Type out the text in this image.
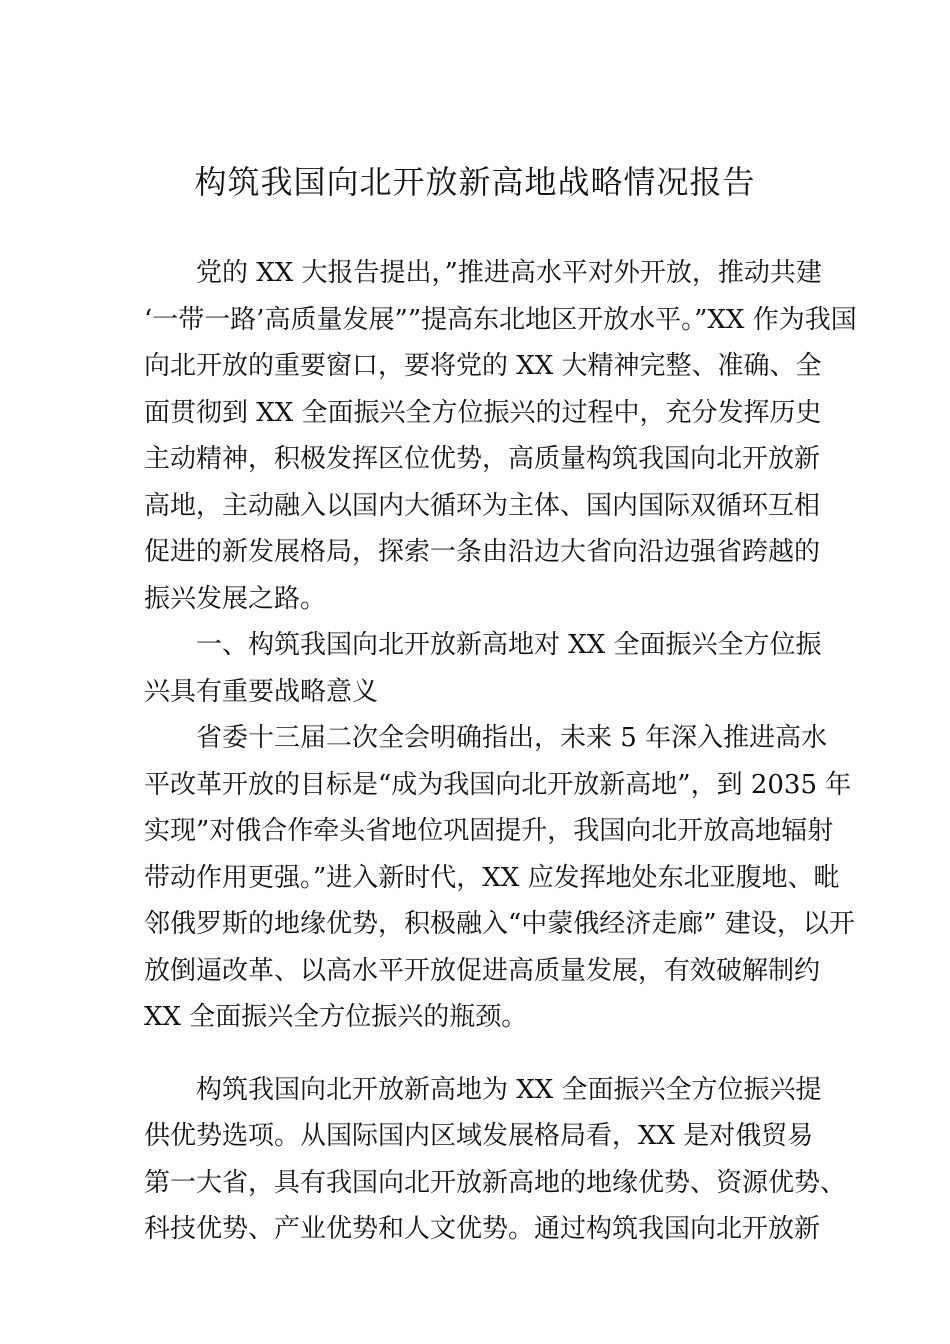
构筑我国向北开放新高地战略情况报告
党的 XX 大报告提出，”推进高水平对外开放，推动共建
‘一带一路’高质量发展””提高东北地区开放水平。”XX 作为我国
向北开放的重要窗口，要将党的 XX 大精神完整、准确、全
面贯彻到 XX 全面振兴全方位振兴的过程中，充分发挥历史
主动精神，积极发挥区位优势，高质量构筑我国向北开放新
高地，主动融入以国内大循环为主体、国内国际双循环互相
促进的新发展格局，探索一条由沿边大省向沿边强省跨越的
振兴发展之路。
一、构筑我国向北开放新高地对 XX 全面振兴全方位振
兴具有重要战略意义
省委十三届二次全会明确指出，未来 5 年深入推进高水
平改革开放的目标是“成为我国向北开放新高地”，到 2035 年
实现”对俄合作牵头省地位巩固提升，我国向北开放高地辐射
带动作用更强。”进入新时代，XX 应发挥地处东北亚腹地、毗
邻俄罗斯的地缘优势，积极融入“中蒙俄经济走廊” 建设，以开
放倒逼改革、以高水平开放促进高质量发展，有效破解制约
XX 全面振兴全方位振兴的瓶颈。
构筑我国向北开放新高地为 XX 全面振兴全方位振兴提
供优势选项。从国际国内区域发展格局看，XX 是对俄贸易
第一大省，具有我国向北开放新高地的地缘优势、资源优势、
科技优势、产业优势和人文优势。通过构筑我国向北开放新
